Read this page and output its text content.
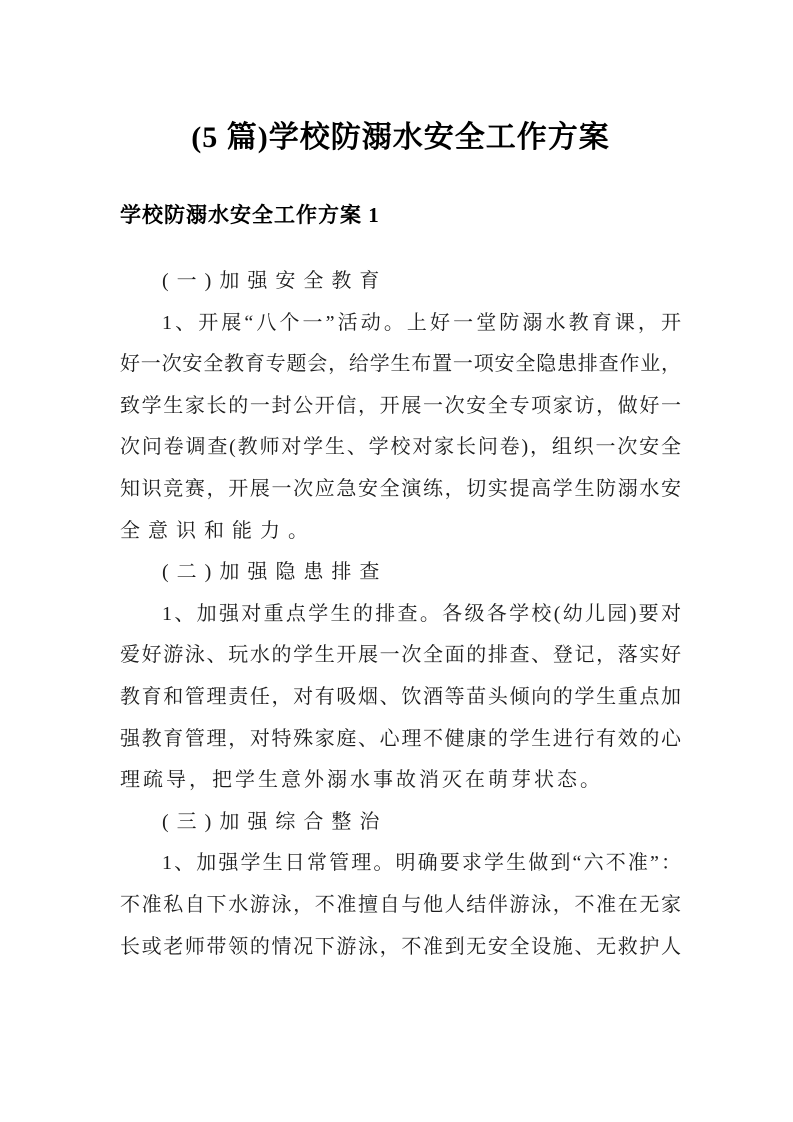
(5 篇)学校防溺水安全工作方案
学校防溺水安全工作方案 1
(一)加强安全教育
1、开展“八个一”活动。上好一堂防溺水教育课，开
好一次安全教育专题会，给学生布置一项安全隐患排查作业，
致学生家长的一封公开信，开展一次安全专项家访，做好一
次问卷调查(教师对学生、学校对家长问卷)，组织一次安全
知识竞赛，开展一次应急安全演练，切实提高学生防溺水安
全意识和能力。
(二)加强隐患排查
1、加强对重点学生的排查。各级各学校(幼儿园)要对
爱好游泳、玩水的学生开展一次全面的排查、登记，落实好
教育和管理责任，对有吸烟、饮酒等苗头倾向的学生重点加
强教育管理，对特殊家庭、心理不健康的学生进行有效的心
理疏导，把学生意外溺水事故消灭在萌芽状态。
(三)加强综合整治
1、加强学生日常管理。明确要求学生做到“六不准”：
不准私自下水游泳，不准擅自与他人结伴游泳，不准在无家
长或老师带领的情况下游泳，不准到无安全设施、无救护人
